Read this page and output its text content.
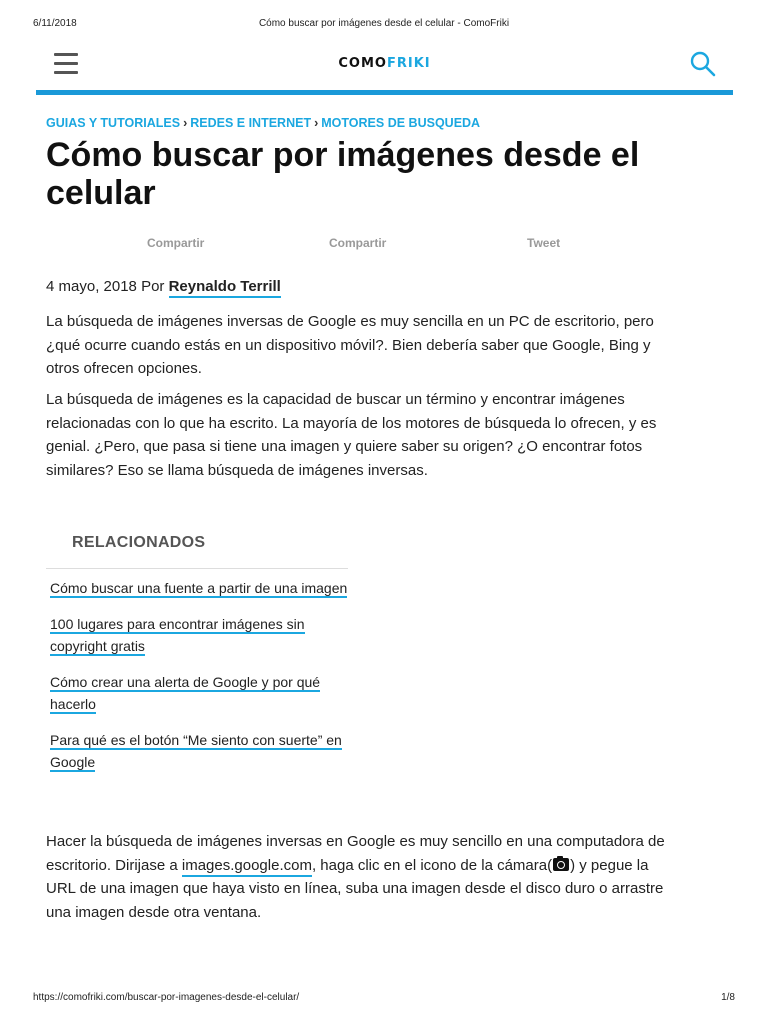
Cómo buscar por imágenes desde el celular - ComoFriki
6/11/2018
COMOFRIKI
GUIAS Y TUTORIALES › REDES E INTERNET › MOTORES DE BUSQUEDA
Cómo buscar por imágenes desde el celular
Compartir	Compartir	Tweet
4 mayo, 2018 Por Reynaldo Terrill

La búsqueda de imágenes inversas de Google es muy sencilla en un PC de escritorio, pero ¿qué ocurre cuando estás en un dispositivo móvil?. Bien debería saber que Google, Bing y otros ofrecen opciones.

La búsqueda de imágenes es la capacidad de buscar un término y encontrar imágenes relacionadas con lo que ha escrito. La mayoría de los motores de búsqueda lo ofrecen, y es genial. ¿Pero, que pasa si tiene una imagen y quiere saber su origen? ¿O encontrar fotos similares? Eso se llama búsqueda de imágenes inversas.

RELACIONADOS
Cómo buscar una fuente a partir de una imagen
100 lugares para encontrar imágenes sin copyright gratis
Cómo crear una alerta de Google y por qué hacerlo
Para qué es el botón “Me siento con suerte” en Google

Hacer la búsqueda de imágenes inversas en Google es muy sencillo en una computadora de escritorio. Dirijase a images.google.com, haga clic en el icono de la cámara( ) y pegue la URL de una imagen que haya visto en línea, suba una imagen desde el disco duro o arrastre una imagen desde otra ventana.

https://comofriki.com/buscar-por-imagenes-desde-el-celular/	1/8
